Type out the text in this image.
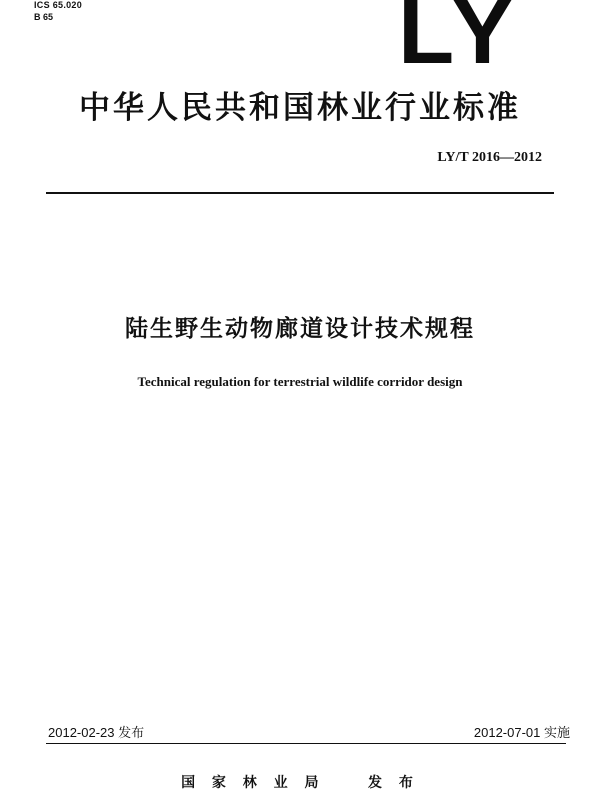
ICS 65.020
B 65	LY
中华人民共和国林业行业标准
LY/T 2016—2012
陆生野生动物廊道设计技术规程
Technical regulation for terrestrial wildlife corridor design
2012-02-23 发布	2012-07-01 实施
国 家 林 业 局    发 布
